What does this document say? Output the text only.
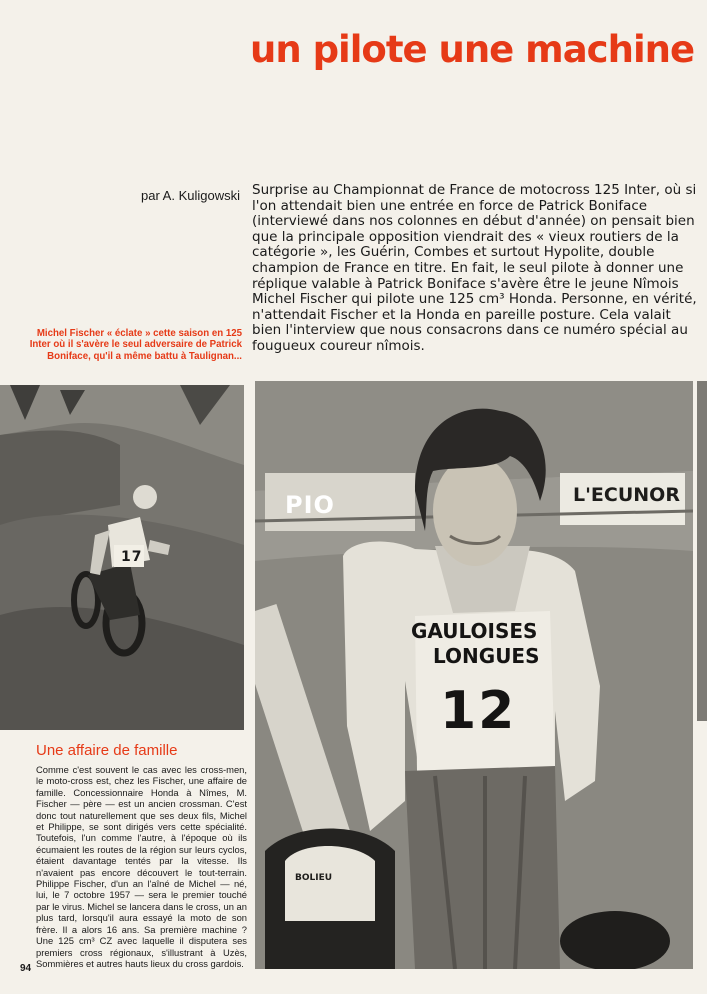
un pilote une machine
par A. Kuligowski Surprise au Championnat de France de motocross 125 Inter, où si l'on attendait bien une entrée en force de Patrick Boniface (interviewé dans nos colonnes en début d'année) on pensait bien que la principale opposition viendrait des « vieux routiers de la catégorie », les Guérin, Combes et surtout Hypolite, double champion de France en titre. En fait, le seul pilote à donner une réplique valable à Patrick Boniface s'avère être le jeune Nîmois Michel Fischer qui pilote une 125 cm³ Honda. Personne, en vérité, n'attendait Fischer et la Honda en pareille posture. Cela valait bien l'interview que nous consacrons dans ce numéro spécial au fougueux coureur nîmois.
Michel Fischer « éclate » cette saison en 125 Inter où il s'avère le seul adversaire de Patrick Boniface, qu'il a même battu à Taulignan...
17
PIO	L'ECUNOR
GAULOISES
LONGUES
12
BOLIEU
Une affaire de famille
Comme c'est souvent le cas avec les cross-men, le moto-cross est, chez les Fischer, une affaire de famille. Concessionnaire Honda à Nîmes, M. Fischer — père — est un ancien crossman. C'est donc tout naturellement que ses deux fils, Michel et Philippe, se sont dirigés vers cette spécialité. Toutefois, l'un comme l'autre, à l'époque où ils écumaient les routes de la région sur leurs cyclos, étaient davantage tentés par la vitesse. Ils n'avaient pas encore découvert le tout-terrain. Philippe Fischer, d'un an l'aîné de Michel — né, lui, le 7 octobre 1957 — sera le premier touché par le virus. Michel se lancera dans le cross, un an plus tard, lorsqu'il aura essayé la moto de son frère. Il a alors 16 ans. Sa première machine ? Une 125 cm³ CZ avec laquelle il disputera ses premiers cross régionaux, s'illustrant à Uzès, Sommières et autres hauts lieux du cross gardois.
94
